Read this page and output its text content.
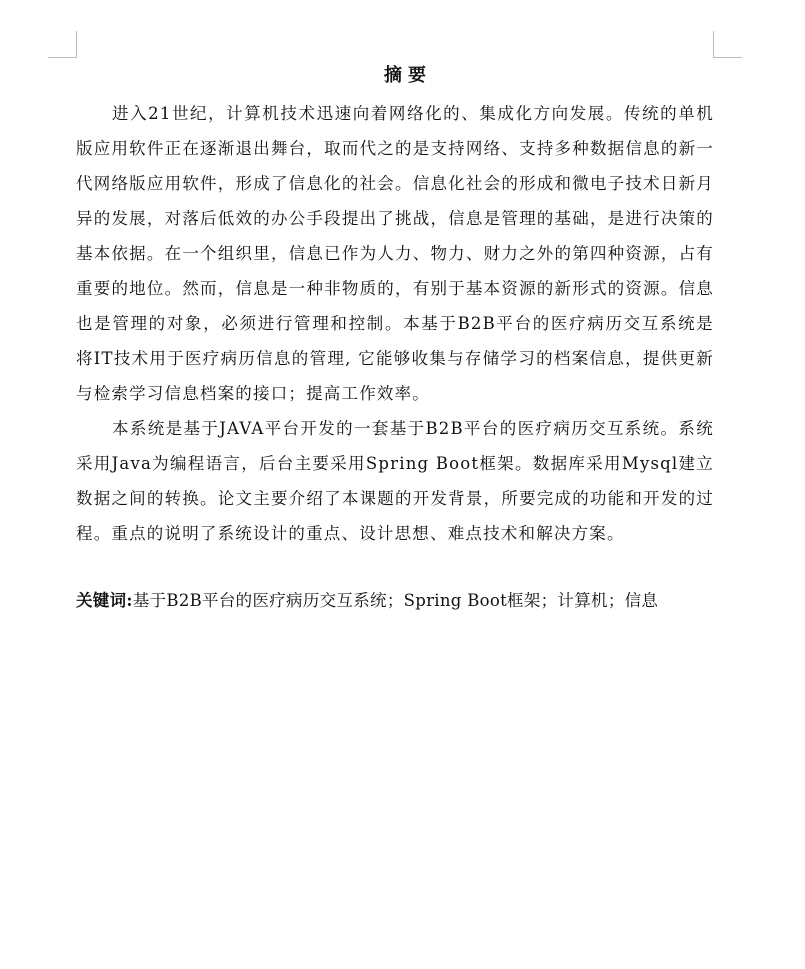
摘要

进入21世纪，计算机技术迅速向着网络化的、集成化方向发展。传统的单机版应用软件正在逐渐退出舞台，取而代之的是支持网络、支持多种数据信息的新一代网络版应用软件，形成了信息化的社会。信息化社会的形成和微电子技术日新月异的发展，对落后低效的办公手段提出了挑战，信息是管理的基础，是进行决策的基本依据。在一个组织里，信息已作为人力、物力、财力之外的第四种资源，占有重要的地位。然而，信息是一种非物质的，有别于基本资源的新形式的资源。信息也是管理的对象，必须进行管理和控制。本基于B2B平台的医疗病历交互系统是将IT技术用于医疗病历信息的管理, 它能够收集与存储学习的档案信息，提供更新与检索学习信息档案的接口；提高工作效率。

本系统是基于JAVA平台开发的一套基于B2B平台的医疗病历交互系统。系统采用Java为编程语言，后台主要采用Spring Boot框架。数据库采用Mysql建立数据之间的转换。论文主要介绍了本课题的开发背景，所要完成的功能和开发的过程。重点的说明了系统设计的重点、设计思想、难点技术和解决方案。

关键词:基于B2B平台的医疗病历交互系统；Spring Boot框架；计算机；信息
